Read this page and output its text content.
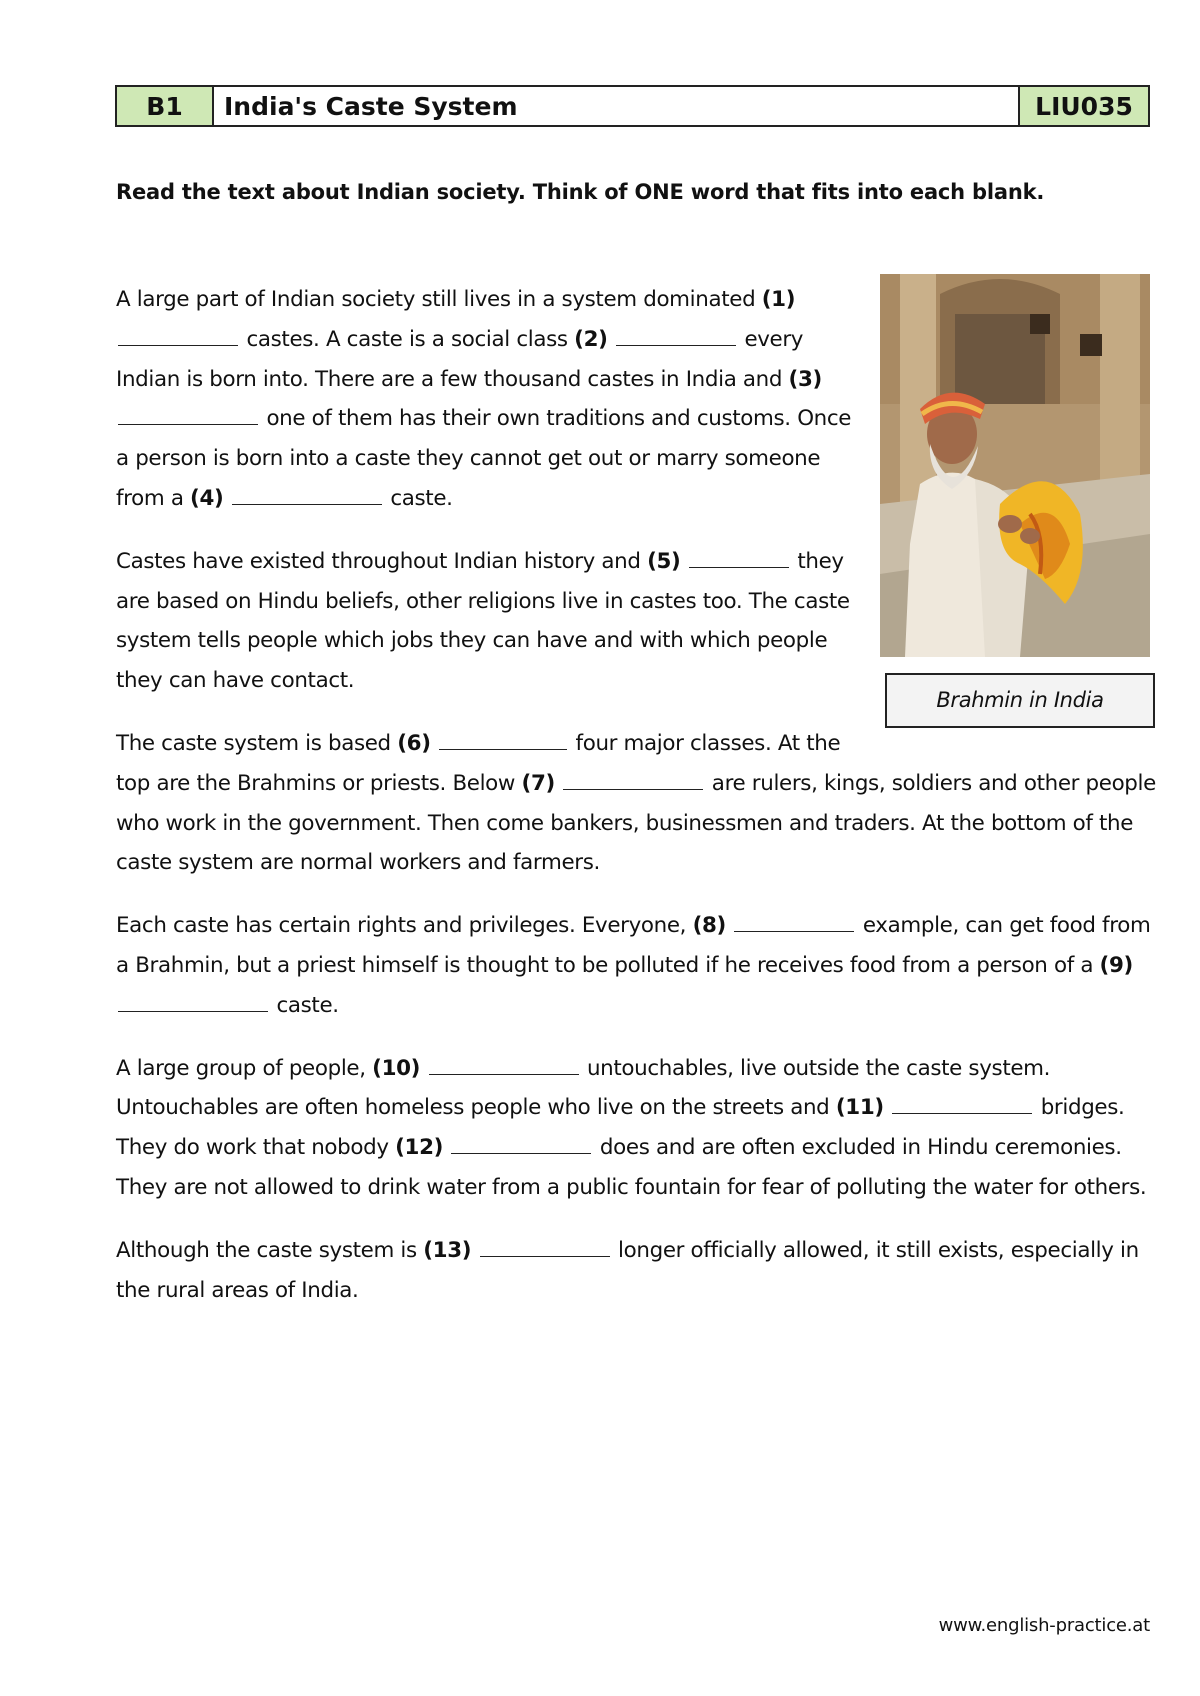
B1	India's Caste System	LIU035
Read the text about Indian society. Think of ONE word that fits into each blank.
Brahmin in India

A large part of Indian society still lives in a system dominated (1)  castes. A caste is a social class (2)	every Indian is born into. There are a few thousand castes in India and (3)  one of them has their own traditions and customs. Once a person is born into a caste they cannot get out or marry someone from a (4)	caste.

Castes have existed throughout Indian history and (5)	they are based on Hindu beliefs, other religions live in castes too. The caste system tells people which jobs they can have and with which people they can have contact.

The caste system is based (6)	four major classes. At the top are the Brahmins or priests. Below (7)	are rulers, kings, soldiers and other people who work in the government. Then come bankers, businessmen and traders. At the bottom of the caste system are normal workers and farmers.

Each caste has certain rights and privileges. Everyone, (8)	example, can get food from a Brahmin, but a priest himself is thought to be polluted if he receives food from a person of a (9)  caste.

A large group of people, (10)	untouchables, live outside the caste system. Untouchables are often homeless people who live on the streets and (11)	bridges. They do work that nobody (12)	does and are often excluded in Hindu ceremonies. They are not allowed to drink water from a public fountain for fear of polluting the water for others.

Although the caste system is (13)	longer officially allowed, it still exists, especially in the rural areas of India.

www.english-practice.at
